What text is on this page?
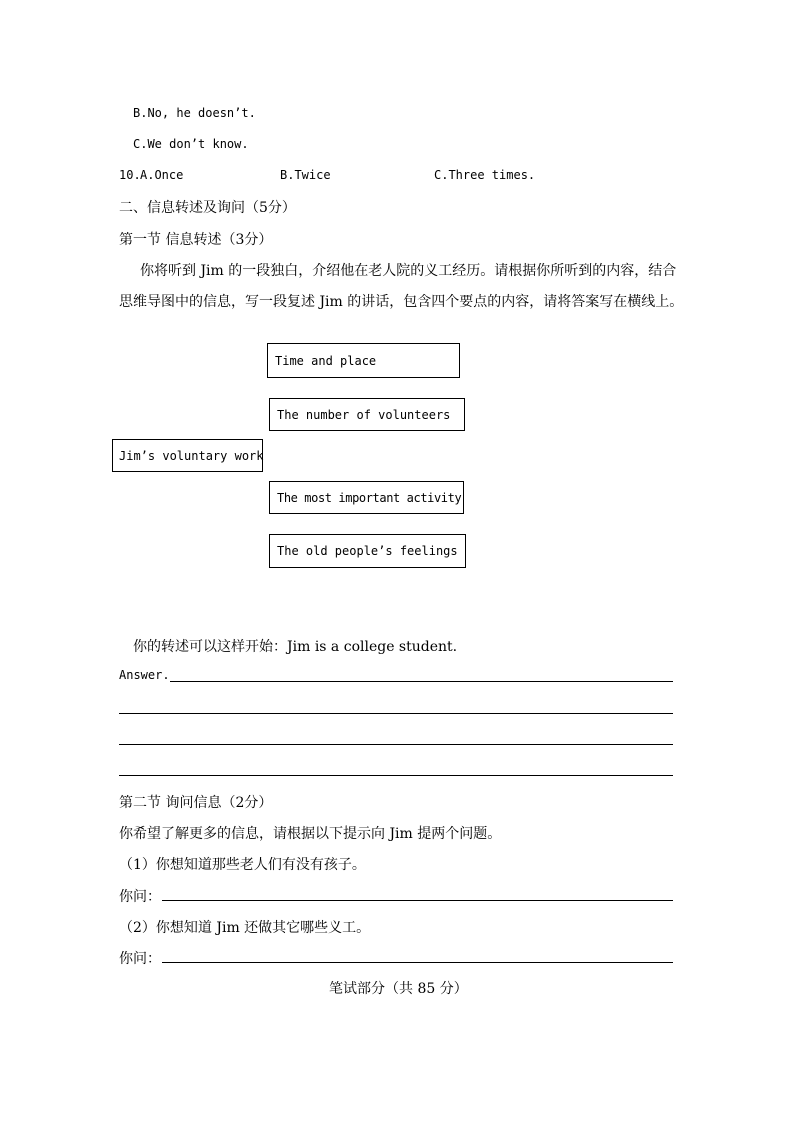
B.No, he doesn’t.
C.We don’t know.
10. A.Once	B.Twice	C.Three times.
二、信息转述及询问（5分）
第一节 信息转述（3分）
你将听到 Jim 的一段独白，介绍他在老人院的义工经历。请根据你所听到的内容，结合
思维导图中的信息，写一段复述 Jim 的讲话，包含四个要点的内容，请将答案写在横线上。
Time and place
The number of volunteers
Jim’s voluntary work
The most important activity
The old people’s feelings
你的转述可以这样开始：Jim is a college student.
Answer.
第二节 询问信息（2分）
你希望了解更多的信息，请根据以下提示向 Jim 提两个问题。
（1）你想知道那些老人们有没有孩子。
你问：
（2）你想知道 Jim 还做其它哪些义工。
你问：
笔试部分（共 85 分）
